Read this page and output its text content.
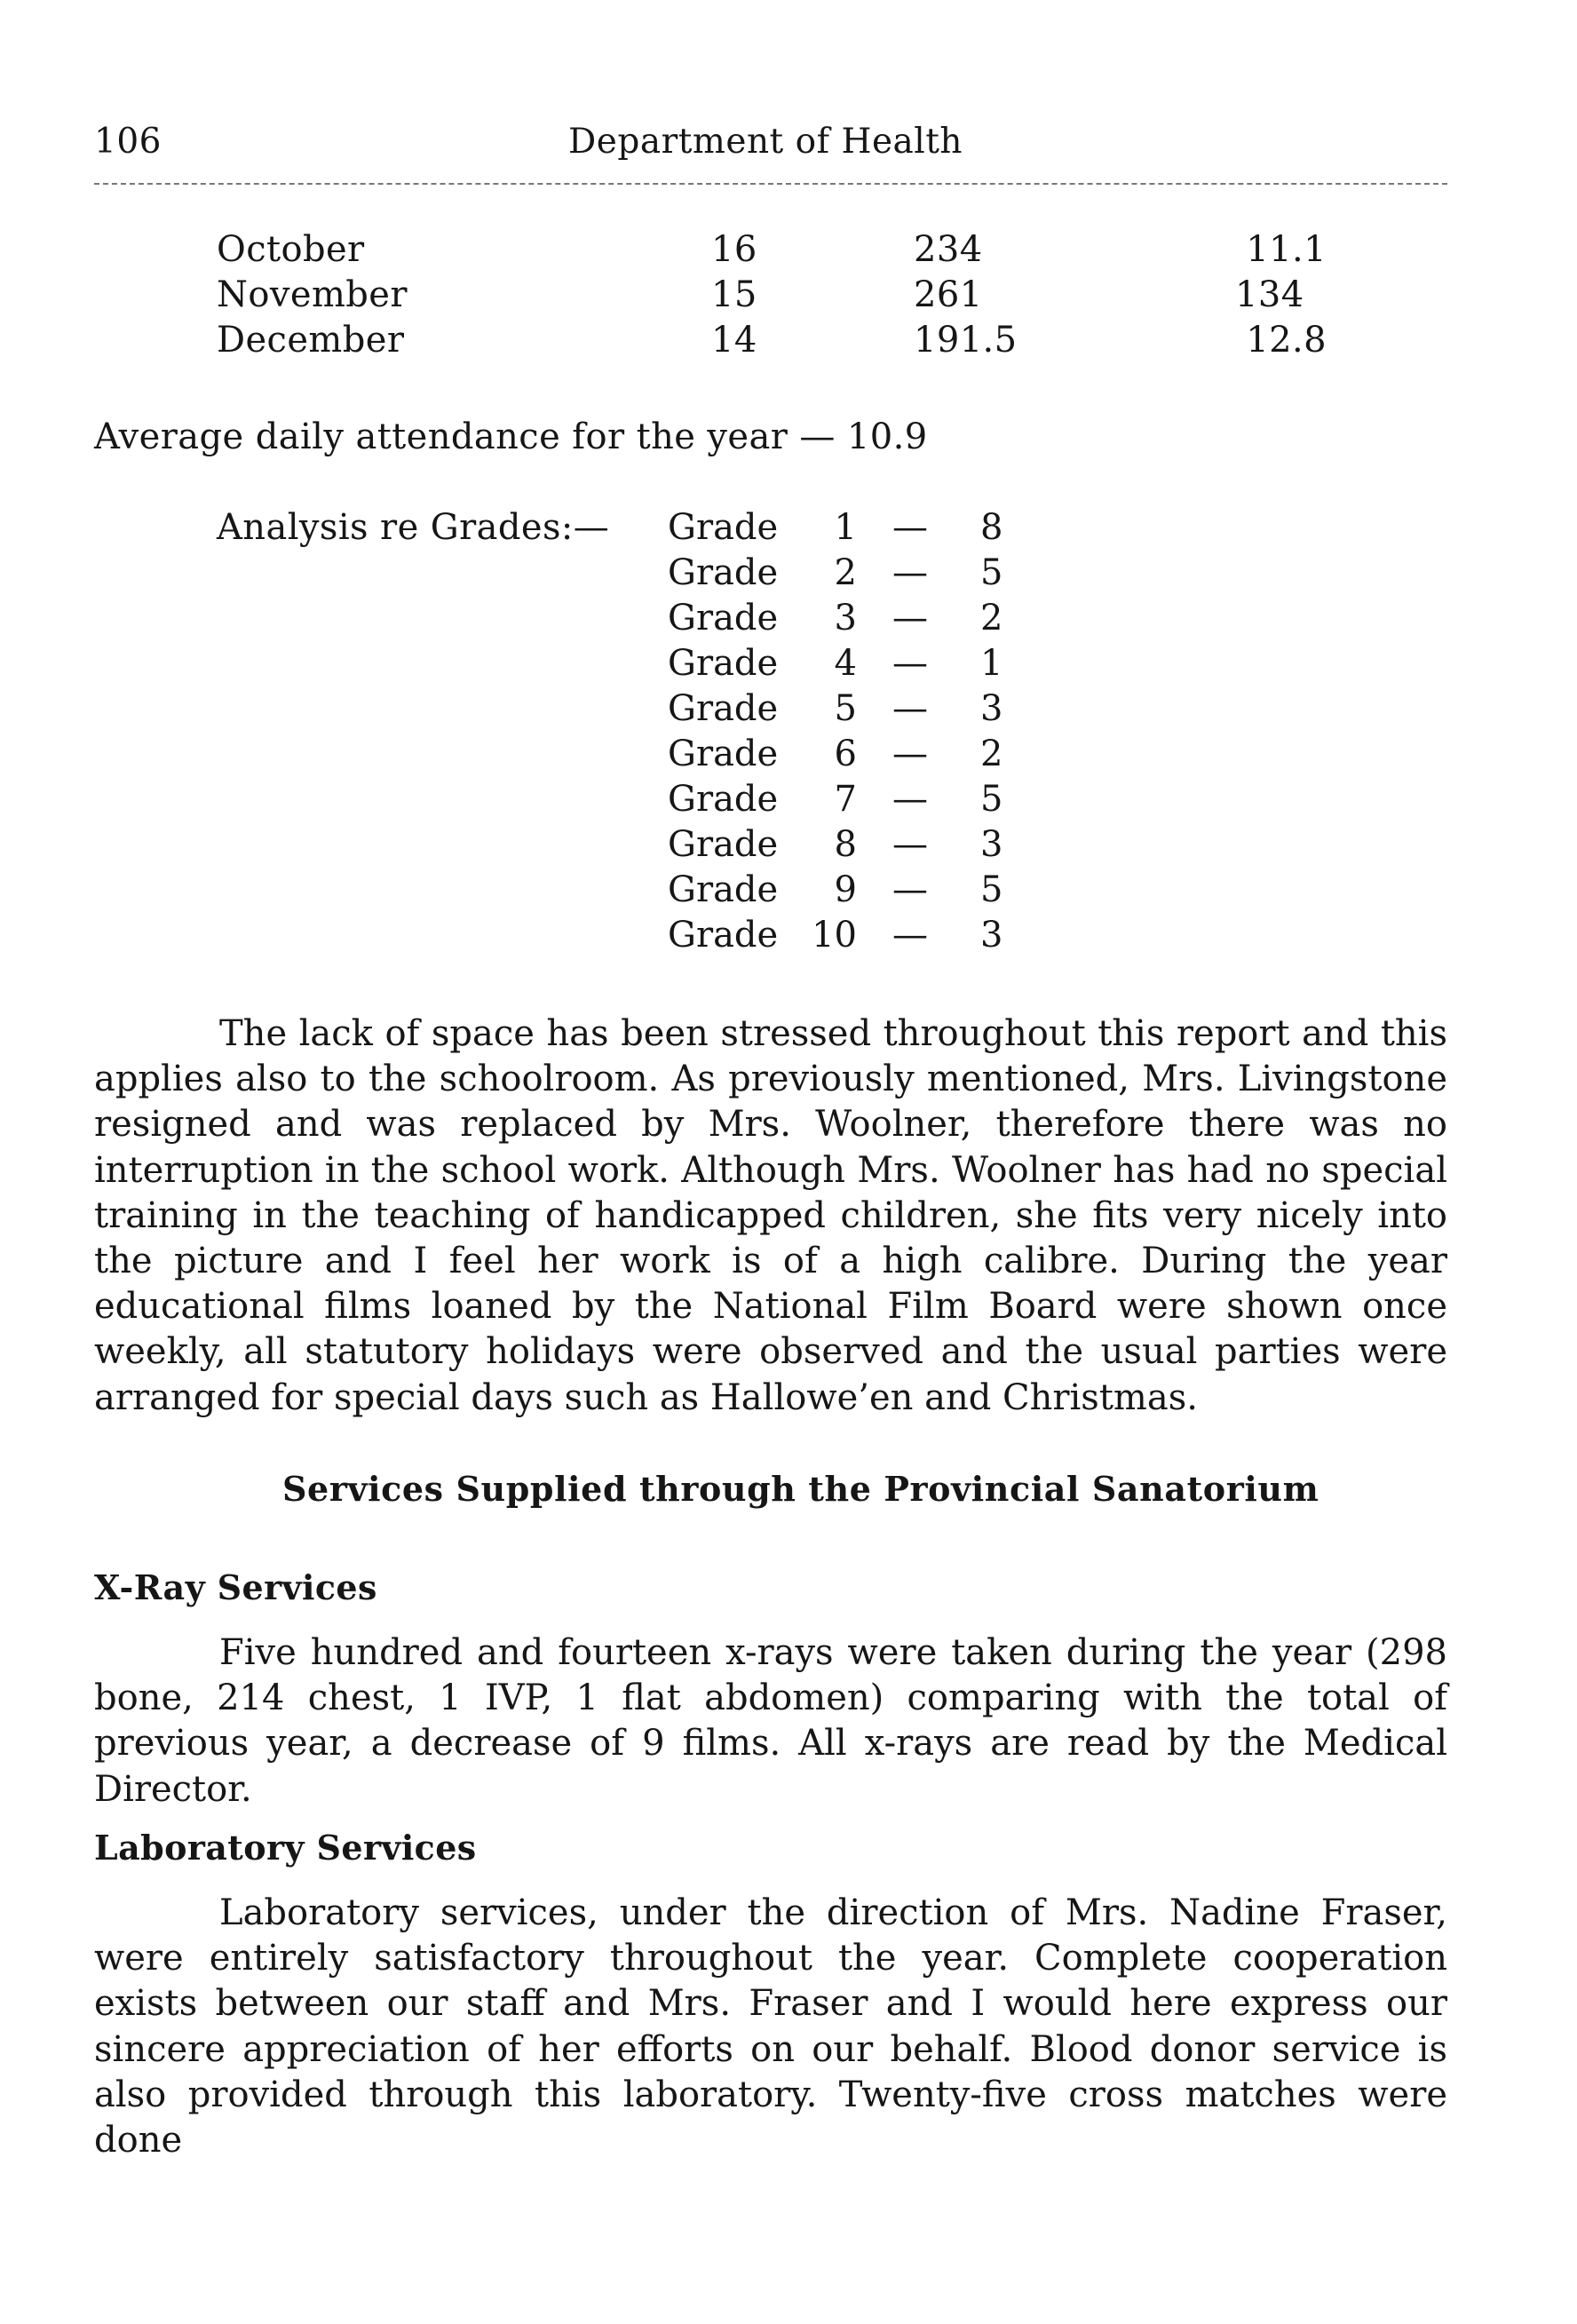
106	Department of Health
October	16	234	11.1
November	15	261	134
December	14	191.5	12.8
Average daily attendance for the year — 10.9
Analysis re Grades:— Grade 1 — 8
Grade 2 — 5
Grade 3 — 2
Grade 4 — 1
Grade 5 — 3
Grade 6 — 2
Grade 7 — 5
Grade 8 — 3
Grade 9 — 5
Grade 10 — 3
The lack of space has been stressed throughout this report and this applies also to the schoolroom. As previously mentioned, Mrs. Livingstone resigned and was replaced by Mrs. Woolner, therefore there was no interruption in the school work. Although Mrs. Woolner has had no special training in the teaching of handicapped children, she fits very nicely into the picture and I feel her work is of a high calibre. During the year educational films loaned by the National Film Board were shown once weekly, all statutory holidays were observed and the usual parties were arranged for special days such as Hallowe’en and Christmas.
Services Supplied through the Provincial Sanatorium
X-Ray Services
Five hundred and fourteen x-rays were taken during the year (298 bone, 214 chest, 1 IVP, 1 flat abdomen) comparing with the total of previous year, a decrease of 9 films. All x-rays are read by the Medical Director.
Laboratory Services
Laboratory services, under the direction of Mrs. Nadine Fraser, were entirely satisfactory throughout the year. Complete cooperation exists between our staff and Mrs. Fraser and I would here express our sincere appreciation of her efforts on our behalf. Blood donor service is also provided through this laboratory. Twenty-five cross matches were done
